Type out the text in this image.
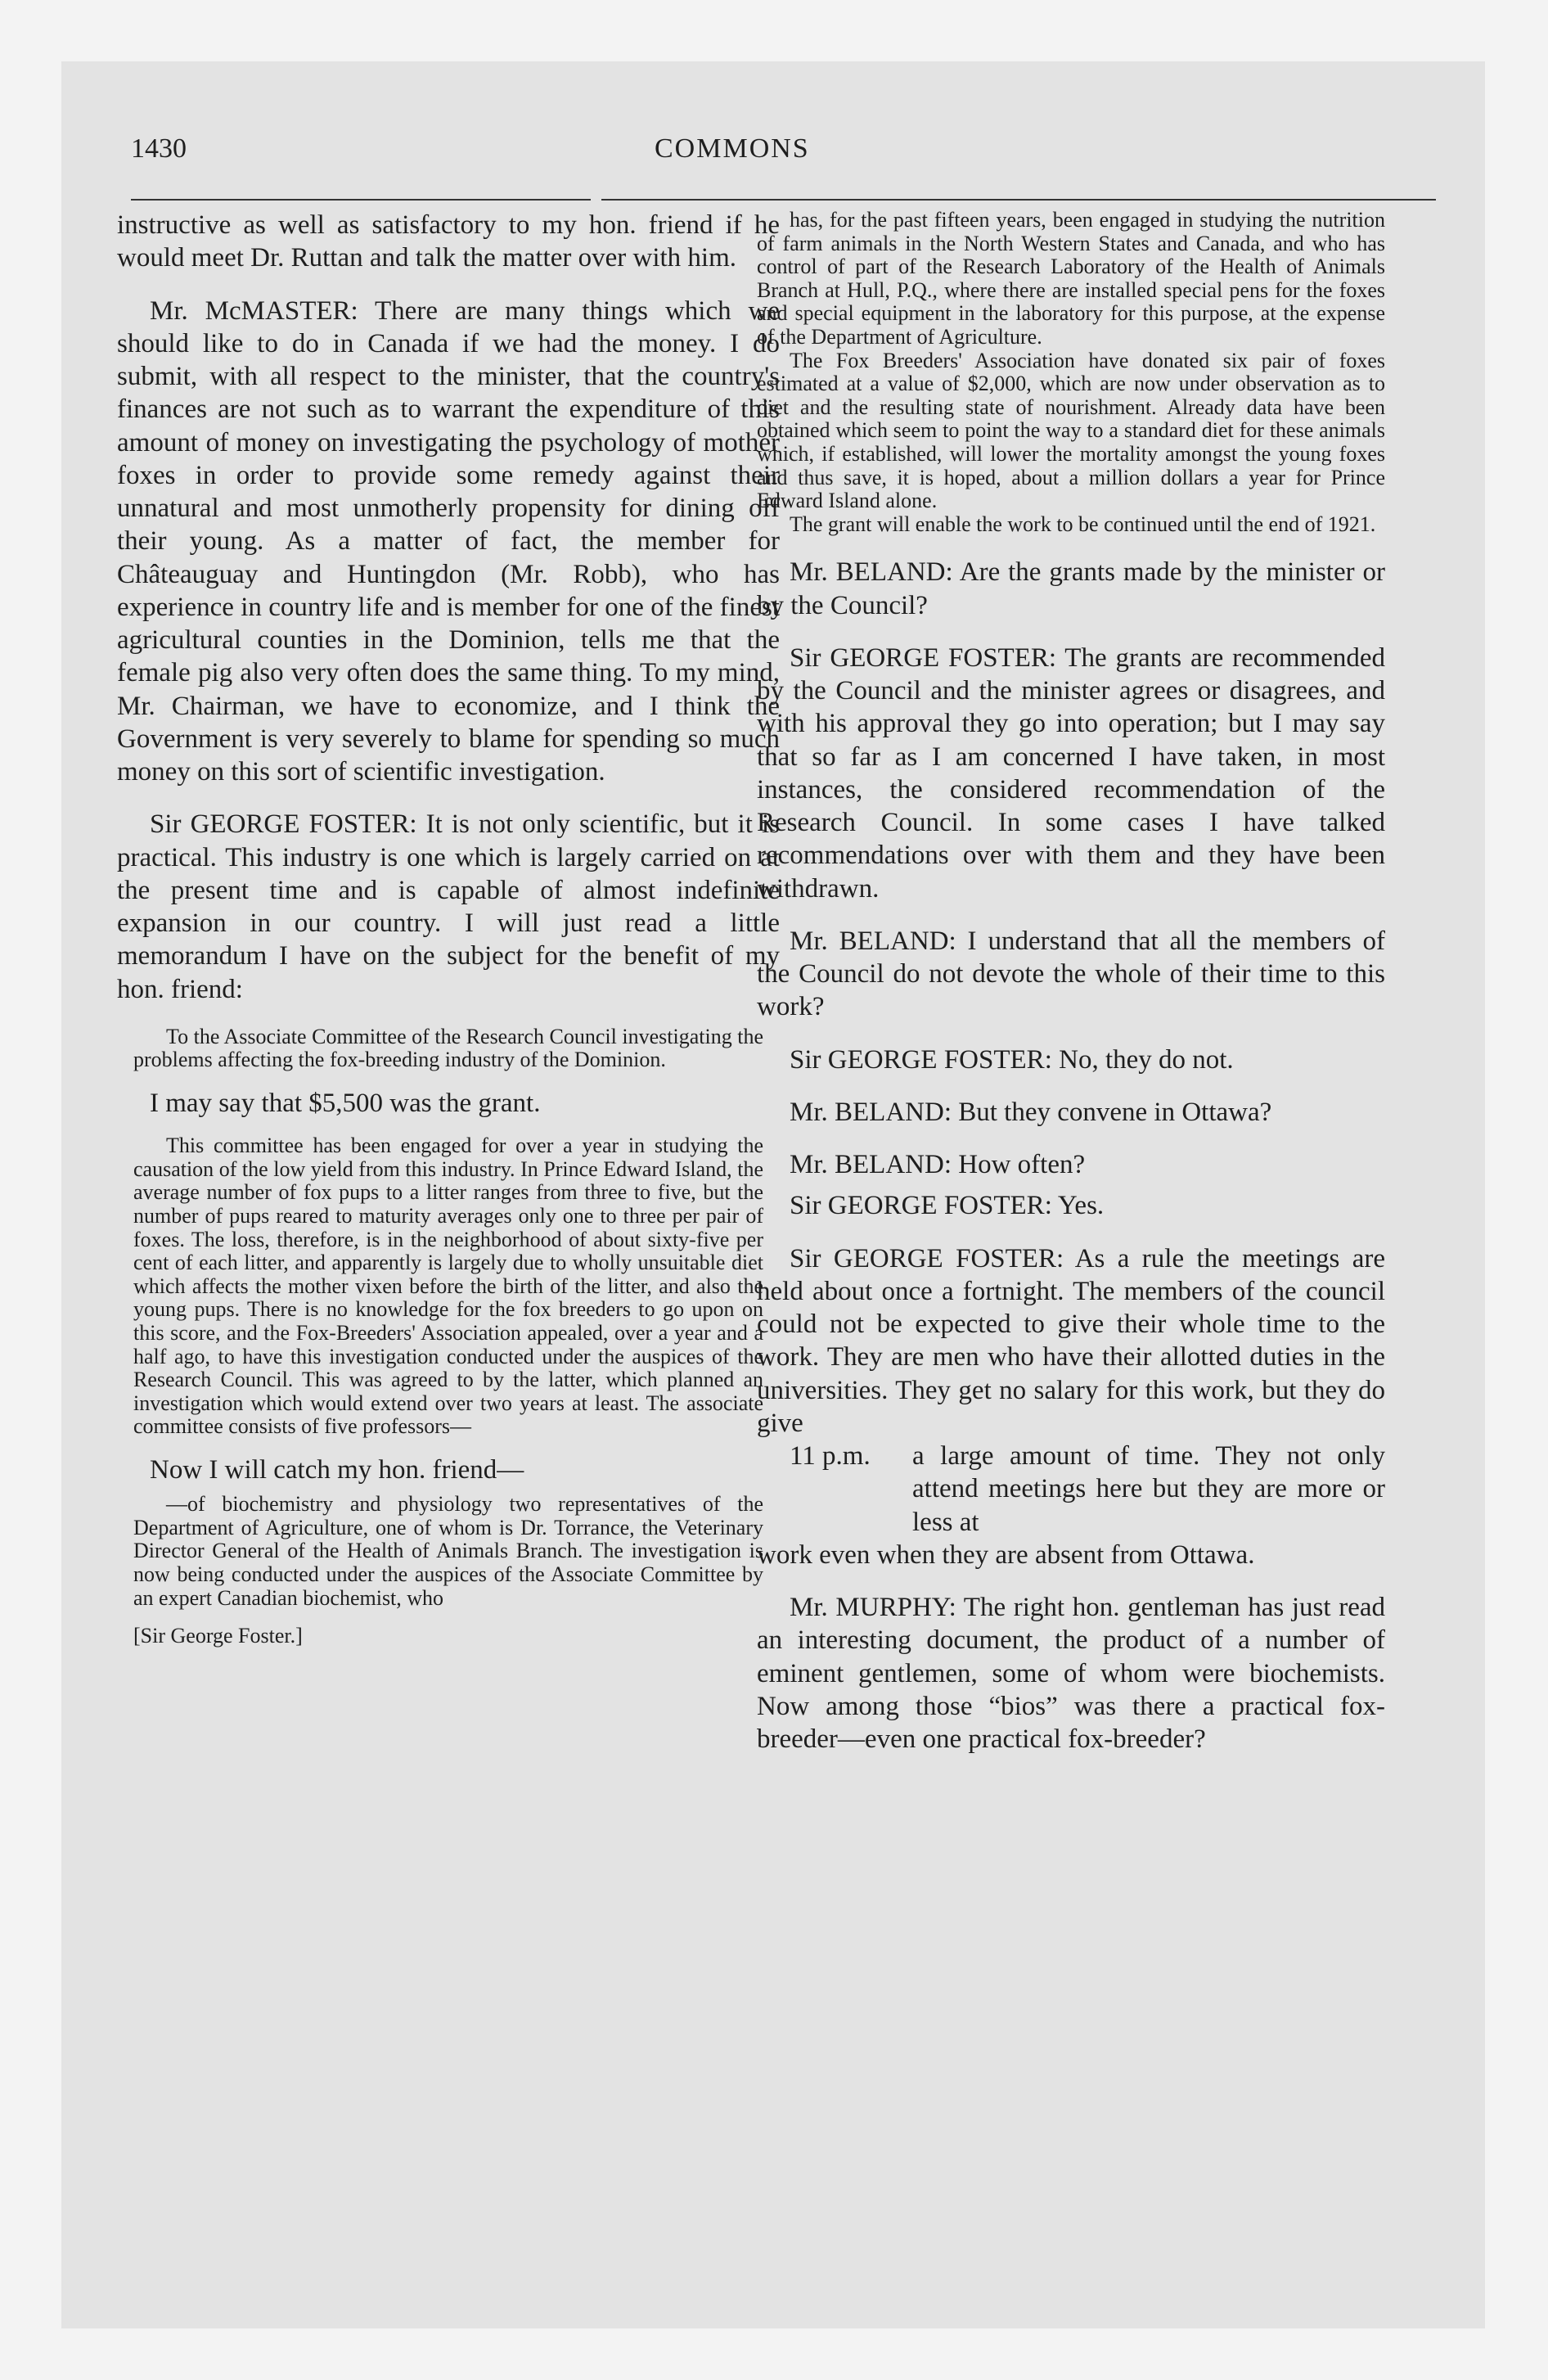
1430	COMMONS

instructive as well as satisfactory to my hon. friend if he would meet Dr. Ruttan and talk the matter over with him.

Mr. McMASTER: There are many things which we should like to do in Canada if we had the money. I do submit, with all respect to the minister, that the country's finances are not such as to warrant the expenditure of this amount of money on investigating the psychology of mother foxes in order to provide some remedy against their unnatural and most unmotherly propensity for dining off their young. As a matter of fact, the member for Châteauguay and Huntingdon (Mr. Robb), who has experience in country life and is member for one of the finest agricultural counties in the Dominion, tells me that the female pig also very often does the same thing. To my mind, Mr. Chairman, we have to economize, and I think the Government is very severely to blame for spending so much money on this sort of scientific investigation.

Sir GEORGE FOSTER: It is not only scientific, but it is practical. This industry is one which is largely carried on at the present time and is capable of almost indefinite expansion in our country. I will just read a little memorandum I have on the subject for the benefit of my hon. friend:

To the Associate Committee of the Research Council investigating the problems affecting the fox-breeding industry of the Dominion.

I may say that $5,500 was the grant.

This committee has been engaged for over a year in studying the causation of the low yield from this industry. In Prince Edward Island, the average number of fox pups to a litter ranges from three to five, but the number of pups reared to maturity averages only one to three per pair of foxes. The loss, therefore, is in the neighborhood of about sixty-five per cent of each litter, and apparently is largely due to wholly unsuitable diet which affects the mother vixen before the birth of the litter, and also the young pups. There is no knowledge for the fox breeders to go upon on this score, and the Fox-Breeders' Association appealed, over a year and a half ago, to have this investigation conducted under the auspices of the Research Council. This was agreed to by the latter, which planned an investigation which would extend over two years at least. The associate committee consists of five professors—

Now I will catch my hon. friend—

—of biochemistry and physiology two representatives of the Department of Agriculture, one of whom is Dr. Torrance, the Veterinary Director General of the Health of Animals Branch. The investigation is now being conducted under the auspices of the Associate Committee by an expert Canadian biochemist, who

[Sir George Foster.]

has, for the past fifteen years, been engaged in studying the nutrition of farm animals in the North Western States and Canada, and who has control of part of the Research Laboratory of the Health of Animals Branch at Hull, P.Q., where there are installed special pens for the foxes and special equipment in the laboratory for this purpose, at the expense of the Department of Agriculture.

The Fox Breeders' Association have donated six pair of foxes estimated at a value of $2,000, which are now under observation as to diet and the resulting state of nourishment. Already data have been obtained which seem to point the way to a standard diet for these animals which, if established, will lower the mortality amongst the young foxes and thus save, it is hoped, about a million dollars a year for Prince Edward Island alone.

The grant will enable the work to be continued until the end of 1921.

Mr. BELAND: Are the grants made by the minister or by the Council?

Sir GEORGE FOSTER: The grants are recommended by the Council and the minister agrees or disagrees, and with his approval they go into operation; but I may say that so far as I am concerned I have taken, in most instances, the considered recommendation of the Research Council. In some cases I have talked recommendations over with them and they have been withdrawn.

Mr. BELAND: I understand that all the members of the Council do not devote the whole of their time to this work?

Sir GEORGE FOSTER: No, they do not.

Mr. BELAND: But they convene in Ottawa?

Mr. BELAND: How often?

Sir GEORGE FOSTER: Yes.

Sir GEORGE FOSTER: As a rule the meetings are held about once a fortnight. The members of the council could not be expected to give their whole time to the work. They are men who have their allotted duties in the universities. They get no salary for this work, but they do give

11 p.m.	a large amount of time. They not only attend meetings here but they are more or less at

work even when they are absent from Ottawa.

Mr. MURPHY: The right hon. gentleman has just read an interesting document, the product of a number of eminent gentlemen, some of whom were biochemists. Now among those “bios” was there a practical fox-breeder—even one practical fox-breeder?
